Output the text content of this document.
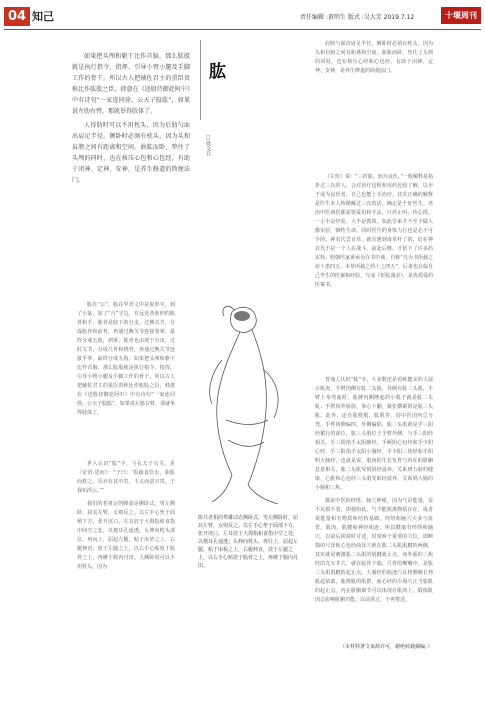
04 知己	责任编辑 :黄明生 版式 :吴大芳 2019.7.12	十堰周刊

如果把头颅和躯干比作首脑，那么肱股就是执行指令、指挥、引导小臂小腿及手脚工作的骨干。所以古人把辅佐君主的重臣贵称比作肱股之臣，韩愈在《送殷侍御赴阿中》中有诗句“一家连同徐，公天子股肱”，如果说左肋右臂，那就举得肢体了。

人得肋时可以不用枕头，因为后肋勺面出肩足半径。侧卧时必须有枕头，因为头和肩膀之间有距离和空间。曲肱而卧，垫住了头颅的同时，也在核压心包和心包经，有助于闭神、定神、安神，是养生修道的简便法门。

肱
□徐文兵

肱在“公”，肱在甲骨文中是象形字，到了小篆，加了“月”字边，有远近各象形的肱骨和手，肱骨是肢下的分支，过膊关节，分成肱骨和前骨，再通过腕关节连接着掌，最终分成五肢，到掌，肱骨也由现于分出，过肘关节，分成尺骨和桡骨，再通过腕关节连接手掌，最终分成五指。如果把头颅和躯干比作首脑，那么肱股就是执行指令、指挥、引导小臂小腿及手脚工作的骨干。所以古人把辅佐君主的重臣贵称比作肱股之臣，韩愈在《送殷侍御赴阿中》中有诗句“一家连同徐，公天子股肱”。如果说左胳右臂，那就举得肢体了。

世人认识“肱”字，与孔夫子有关，见《论语·述而》：“子曰：‘饭疏食饮水，曲肱而枕之，乐亦在其中矣。不义而富且贵，于我如浮云。’”

我们的老祖宗的睡姿是侧卧式。男左侧卧，屈其左臂，女则反之。以左手心垫于面颊下方，张开虎口，左耳放于大拇指和食指中间空之处，以便耳孔通透，头伸向枕头部位，再向上，屈起左腿，贴于床垫之上，右腿伸直，放于左腿之上，以右手心贴放于股骨之上，再睡于腹内丹田。人侧卧时可以不用枕头，因为

陈共老相的秀雕动态侧卧式，男左侧卧时，屈其左臂，女则反之。以左手心垫于面部下方，张开虎口，左耳放于大拇指和食指中空之处，以便耳孔通透；头伸向枕头，再往上，屈起左腿，贴于床板之上，右腿伸直，放于左腿之上，以右手心贴放于股骨之上，再睡于腹内丹田。

肩膀勺面出肩足半径。侧卧时必须有枕头，因为头和肩膀之间有距离和空间。曲肱而卧，垫住了头颅的同时，也在核压心经和心包经，有助于闭神、定神、安神，是养生修道的简便法门。

《左传》说：“三折肱，知为良医。”一般解释是指折过三次的人，会对治疗这程和用药比较了解，以至于成为良医者，自己也能上手治疗。其实正确的解释是医生本人练精解过三次的话，确定是个好医生。尧治中医西医都需要爱用和手法，只停止叫，传心授，一小半是经验，大半是教训。如此学来才不至于做人像实验，牺牲生命。同时医生的身体力行也是必不可少的，神农氏尝百草，就有遇到毒草杆了的，好在神农氏不是一个人在战斗，前赴后继，才留下了许多药实料。明朝医家黄承吴在书中谈，自称“凡为书所载之症十患四五，本草所载之药十之四五”，后来也在临自己毕生的医案和经验，写成《折肱漫录》，是优质爱的医案书。

普通人认识“肱”字，大多数还是看练健美的人展示肌肉，手臂肉侧有肱二头肌，外侧有肱三头肌，手臂上举弯曲时，肱膊内侧隆起的小肌子就是肱二头肌；手臂同外转筋，掌心下翻，紧张横紧的是肱三头肌。此外，还有肱桡肌，肱肌等，俗中医国内总分弯，手臂肉侧偏四，外侧偏阳，肱二头肌就是手三阴经循行的部位，肱三头肌位于手臂外侧，与手三阳经相关。手三阴指手太阴肺经，手厥阴心包经和手少阴心经，手三阳指手太阳小肠经，手少阳三焦经和手阳明大肠经，也就是说，肌肉的生长发育与内在的脏腑息息相关，肱二头肌受到阴经滋养，关系到五脏的健康，心脏和心包经三头肌受阳经滋养，关系到大肠的小肠和三焦。

都说中医的经络，脑穴神秘，因为气是能量，看不见摸不着，即便如此，气不能脱离物质存在，或者说能量和有物质和结构基础。经络和脑穴大多与血管，肌肉，肌腱和神经相连，所以健康有经络和脑穴，以前后阴窝时讨述，时常两个重要的穴位，即断损的尺泽和心包经曲泽穴就在肱二头肌肌腱的两侧，其实就是刺激肱二头肌的肌腱就止点。而外面的三焦经的尤天井穴，就在肱骨下端，尺骨的鹰嘴中，是肱三头肌肌腱的起止点。大肠经的曲池穴在桡侧腕长伸肌起始部，肱桡肌的肌群，而心经的少海穴正当肱肌的起止点。内在脏腑调节可以体现在肌肉上，锻炼肌肉会影响脏腑功能，以前讲过，不再赘述。

（本材料著文来源许可，谢绝转载摘编。）
